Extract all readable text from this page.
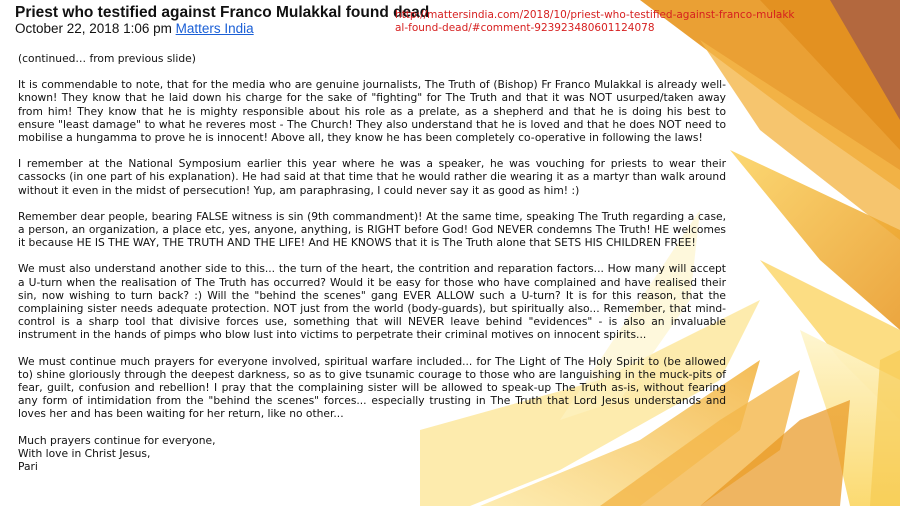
Priest who testified against Franco Mulakkal found dead
October 22, 2018 1:06 pm Matters India
http://mattersindia.com/2018/10/priest-who-testified-against-franco-mulakkal-found-dead/#comment-923923480601124078

(continued… from previous slide)

It is commendable to note, that for the media who are genuine journalists, The Truth of (Bishop) Fr Franco Mulakkal is already well-known! They know that he laid down his charge for the sake of "fighting" for The Truth and that it was NOT usurped/taken away from him! They know that he is mighty responsible about his role as a prelate, as a shepherd and that he is doing his best to ensure "least damage" to what he reveres most - The Church! They also understand that he is loved and that he does NOT need to mobilise a hungamma to prove he is innocent! Above all, they know he has been completely co-operative in following the laws!

I remember at the National Symposium earlier this year where he was a speaker, he was vouching for priests to wear their cassocks (in one part of his explanation). He had said at that time that he would rather die wearing it as a martyr than walk around without it even in the midst of persecution! Yup, am paraphrasing, I could never say it as good as him! :)

Remember dear people, bearing FALSE witness is sin (9th commandment)! At the same time, speaking The Truth regarding a case, a person, an organization, a place etc, yes, anyone, anything, is RIGHT before God! God NEVER condemns The Truth! HE welcomes it because HE IS THE WAY, THE TRUTH AND THE LIFE! And HE KNOWS that it is The Truth alone that SETS HIS CHILDREN FREE!

We must also understand another side to this... the turn of the heart, the contrition and reparation factors... How many will accept a U-turn when the realisation of The Truth has occurred? Would it be easy for those who have complained and have realised their sin, now wishing to turn back? :) Will the "behind the scenes" gang EVER ALLOW such a U-turn? It is for this reason, that the complaining sister needs adequate protection. NOT just from the world (body-guards), but spiritually also... Remember, that mind-control is a sharp tool that divisive forces use, something that will NEVER leave behind "evidences" - is also an invaluable instrument in the hands of pimps who blow lust into victims to perpetrate their criminal motives on innocent spirits...

We must continue much prayers for everyone involved, spiritual warfare included... for The Light of The Holy Spirit to (be allowed to) shine gloriously through the deepest darkness, so as to give tsunamic courage to those who are languishing in the muck-pits of fear, guilt, confusion and rebellion! I pray that the complaining sister will be allowed to speak-up The Truth as-is, without fearing any form of intimidation from the "behind the scenes" forces... especially trusting in The Truth that Lord Jesus understands and loves her and has been waiting for her return, like no other...

Much prayers continue for everyone,
With love in Christ Jesus,
Pari
